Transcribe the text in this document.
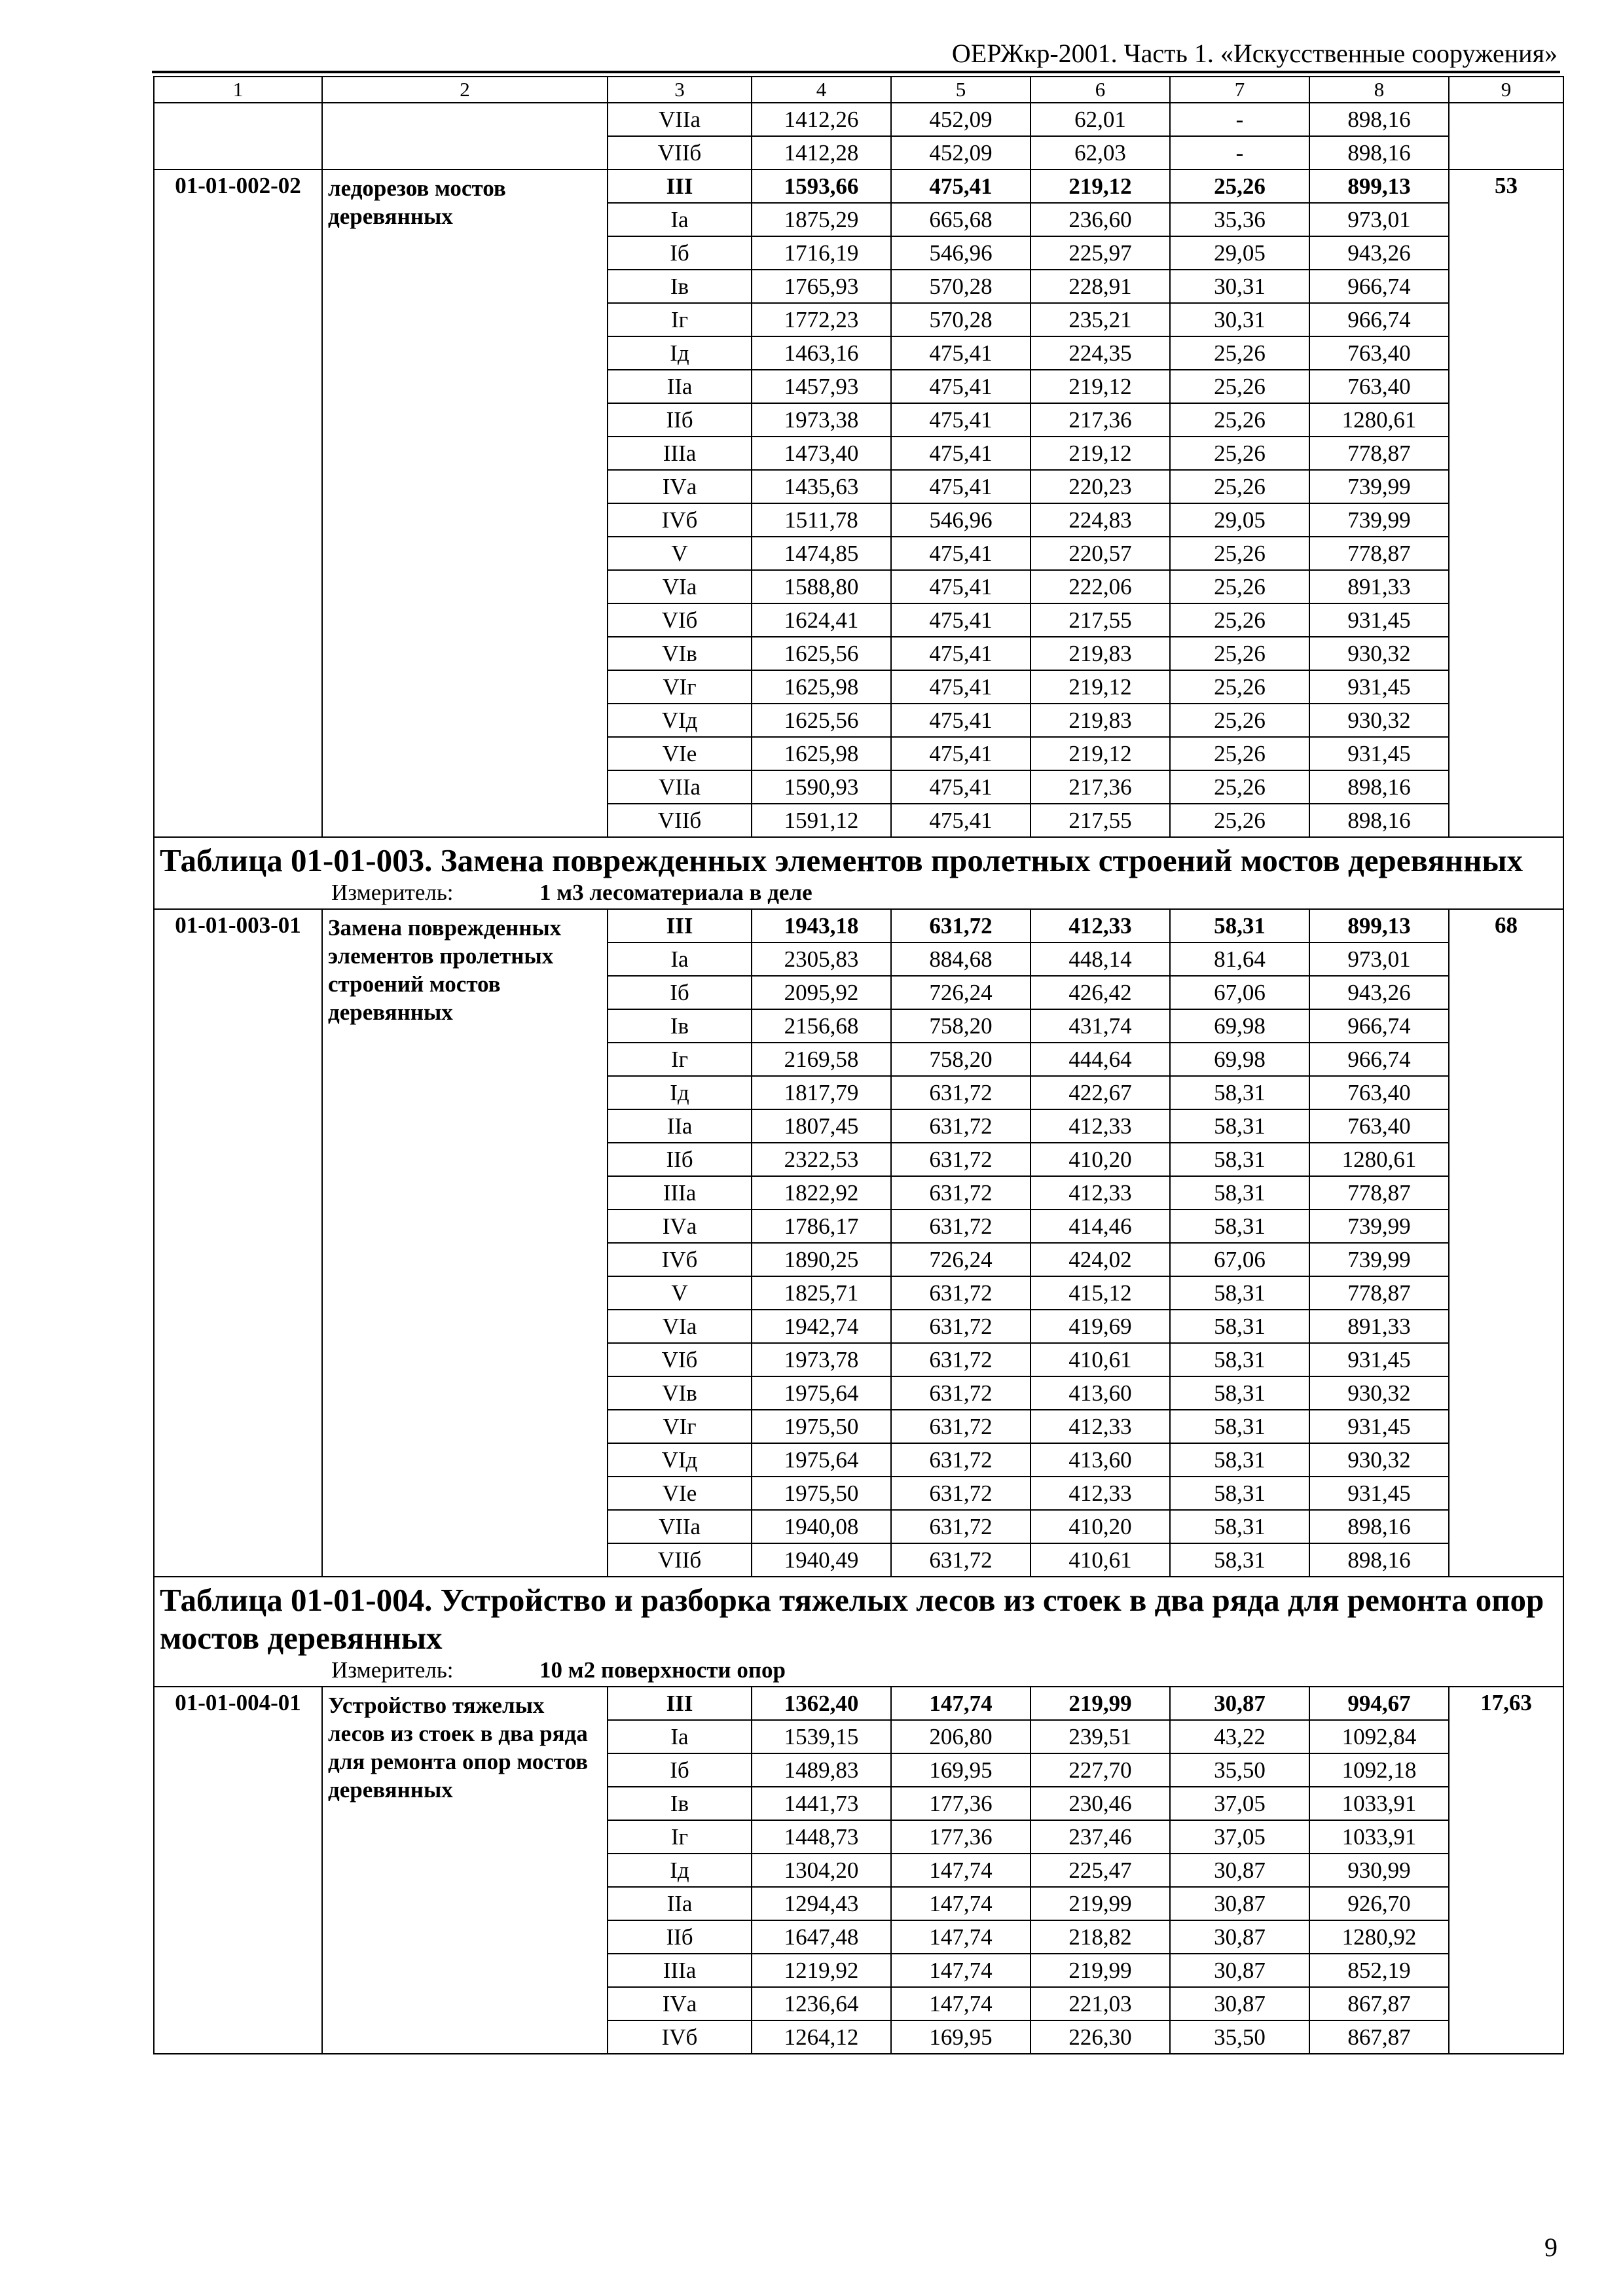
ОЕРЖкр-2001. Часть 1. «Искусственные сооружения»
1	2	3	4	5	6	7	8	9
		VIIа	1412,26	452,09	62,01	-	898,16	
		VIIб	1412,28	452,09	62,03	-	898,16	
01-01-002-02	ледорезов мостов деревянных	III	1593,66	475,41	219,12	25,26	899,13	53
		Iа	1875,29	665,68	236,60	35,36	973,01	
		Iб	1716,19	546,96	225,97	29,05	943,26	
		Iв	1765,93	570,28	228,91	30,31	966,74	
		Iг	1772,23	570,28	235,21	30,31	966,74	
		Iд	1463,16	475,41	224,35	25,26	763,40	
		IIа	1457,93	475,41	219,12	25,26	763,40	
		IIб	1973,38	475,41	217,36	25,26	1280,61	
		IIIа	1473,40	475,41	219,12	25,26	778,87	
		IVа	1435,63	475,41	220,23	25,26	739,99	
		IVб	1511,78	546,96	224,83	29,05	739,99	
		V	1474,85	475,41	220,57	25,26	778,87	
		VIа	1588,80	475,41	222,06	25,26	891,33	
		VIб	1624,41	475,41	217,55	25,26	931,45	
		VIв	1625,56	475,41	219,83	25,26	930,32	
		VIг	1625,98	475,41	219,12	25,26	931,45	
		VIд	1625,56	475,41	219,83	25,26	930,32	
		VIе	1625,98	475,41	219,12	25,26	931,45	
		VIIа	1590,93	475,41	217,36	25,26	898,16	
		VIIб	1591,12	475,41	217,55	25,26	898,16	

Таблица 01-01-003. Замена поврежденных элементов пролетных строений мостов деревянных
Измеритель: 1 м3 лесоматериала в деле								

01-01-003-01	Замена поврежденных элементов пролетных строений мостов деревянных	III	1943,18	631,72	412,33	58,31	899,13	68
		Iа	2305,83	884,68	448,14	81,64	973,01	
		Iб	2095,92	726,24	426,42	67,06	943,26	
		Iв	2156,68	758,20	431,74	69,98	966,74	
		Iг	2169,58	758,20	444,64	69,98	966,74	
		Iд	1817,79	631,72	422,67	58,31	763,40	
		IIа	1807,45	631,72	412,33	58,31	763,40	
		IIб	2322,53	631,72	410,20	58,31	1280,61	
		IIIа	1822,92	631,72	412,33	58,31	778,87	
		IVа	1786,17	631,72	414,46	58,31	739,99	
		IVб	1890,25	726,24	424,02	67,06	739,99	
		V	1825,71	631,72	415,12	58,31	778,87	
		VIа	1942,74	631,72	419,69	58,31	891,33	
		VIб	1973,78	631,72	410,61	58,31	931,45	
		VIв	1975,64	631,72	413,60	58,31	930,32	
		VIг	1975,50	631,72	412,33	58,31	931,45	
		VIд	1975,64	631,72	413,60	58,31	930,32	
		VIе	1975,50	631,72	412,33	58,31	931,45	
		VIIа	1940,08	631,72	410,20	58,31	898,16	
		VIIб	1940,49	631,72	410,61	58,31	898,16	

Таблица 01-01-004. Устройство и разборка тяжелых лесов из стоек в два ряда для ремонта опор мостов деревянных
Измеритель: 10 м2 поверхности опор								

01-01-004-01	Устройство тяжелых лесов из стоек в два ряда для ремонта опор мостов деревянных	III	1362,40	147,74	219,99	30,87	994,67	17,63
		Iа	1539,15	206,80	239,51	43,22	1092,84	
		Iб	1489,83	169,95	227,70	35,50	1092,18	
		Iв	1441,73	177,36	230,46	37,05	1033,91	
		Iг	1448,73	177,36	237,46	37,05	1033,91	
		Iд	1304,20	147,74	225,47	30,87	930,99	
		IIа	1294,43	147,74	219,99	30,87	926,70	
		IIб	1647,48	147,74	218,82	30,87	1280,92	
		IIIа	1219,92	147,74	219,99	30,87	852,19	
		IVа	1236,64	147,74	221,03	30,87	867,87	
		IVб	1264,12	169,95	226,30	35,50	867,87	
9
